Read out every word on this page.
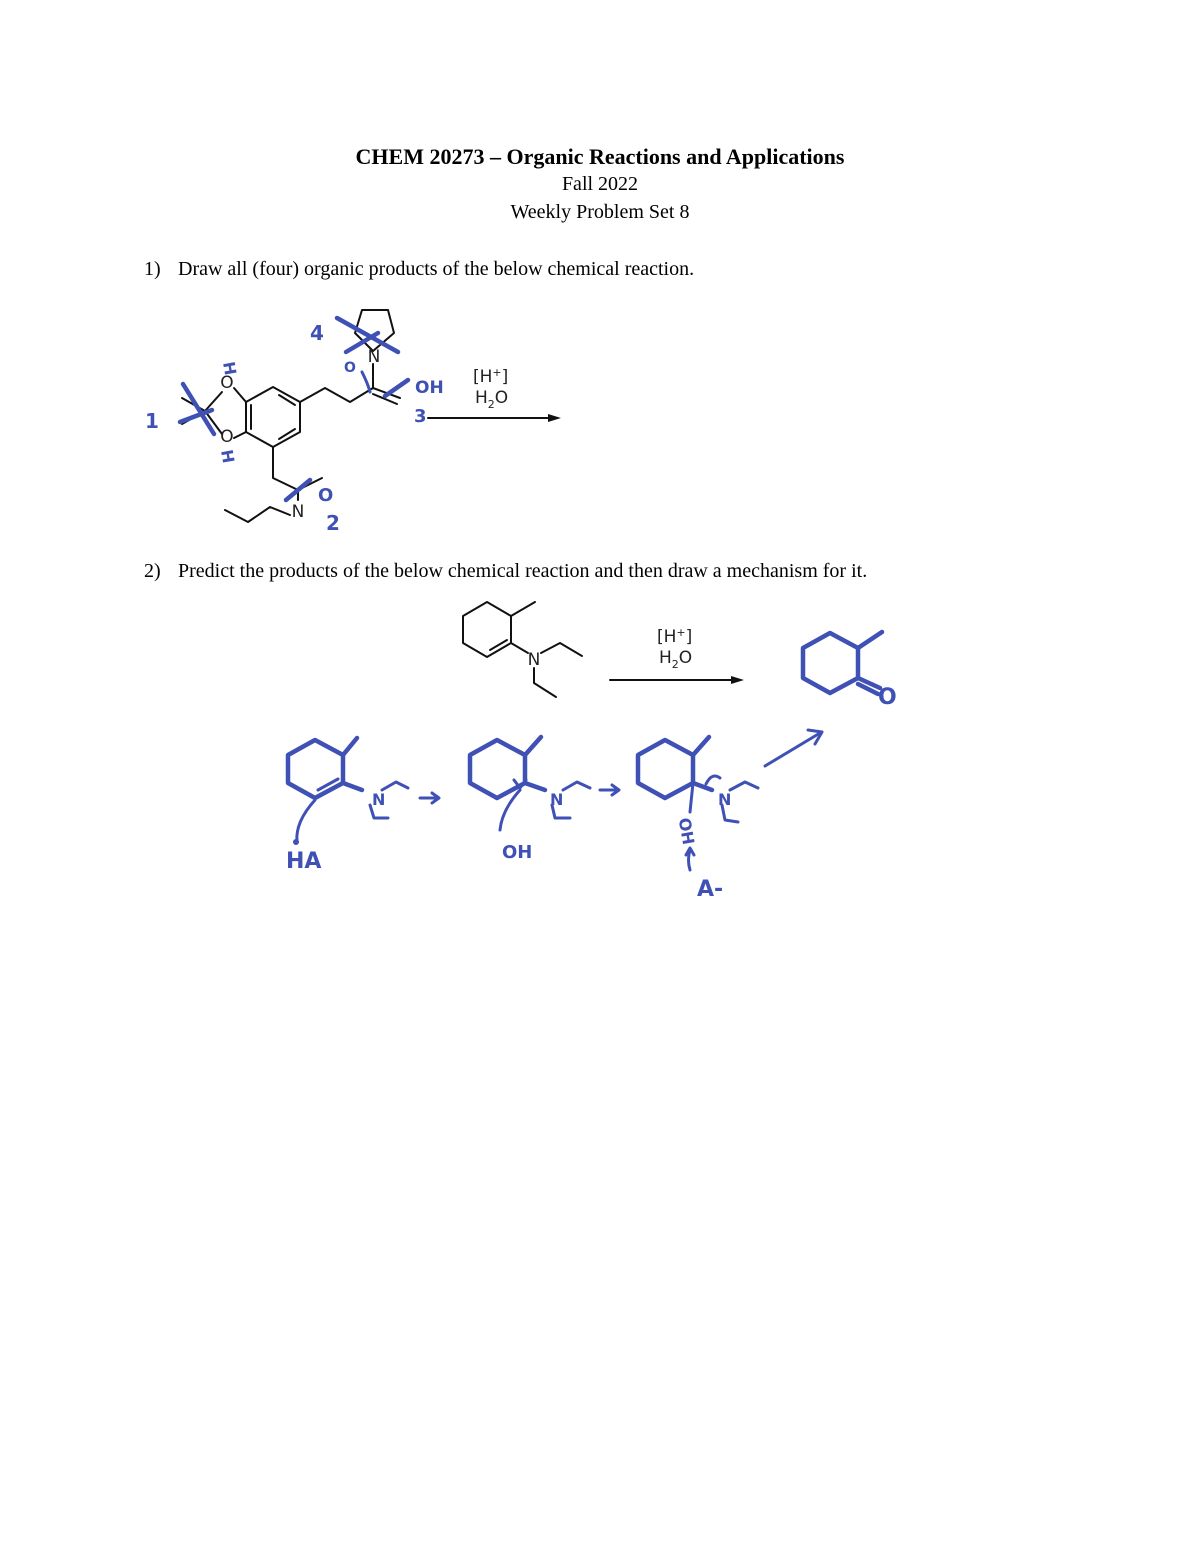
CHEM 20273 – Organic Reactions and Applications
Fall 2022
Weekly Problem Set 8
1) Draw all (four) organic products of the below chemical reaction.
2) Predict the products of the below chemical reaction and then draw a mechanism for it.
O
O
N
N
[H+]
$H_2O$
1
2
3
4
OH
O
O
H
H
N
[H+]
$H_2O$
O
N
HA
N
OH
N
OH
A-
